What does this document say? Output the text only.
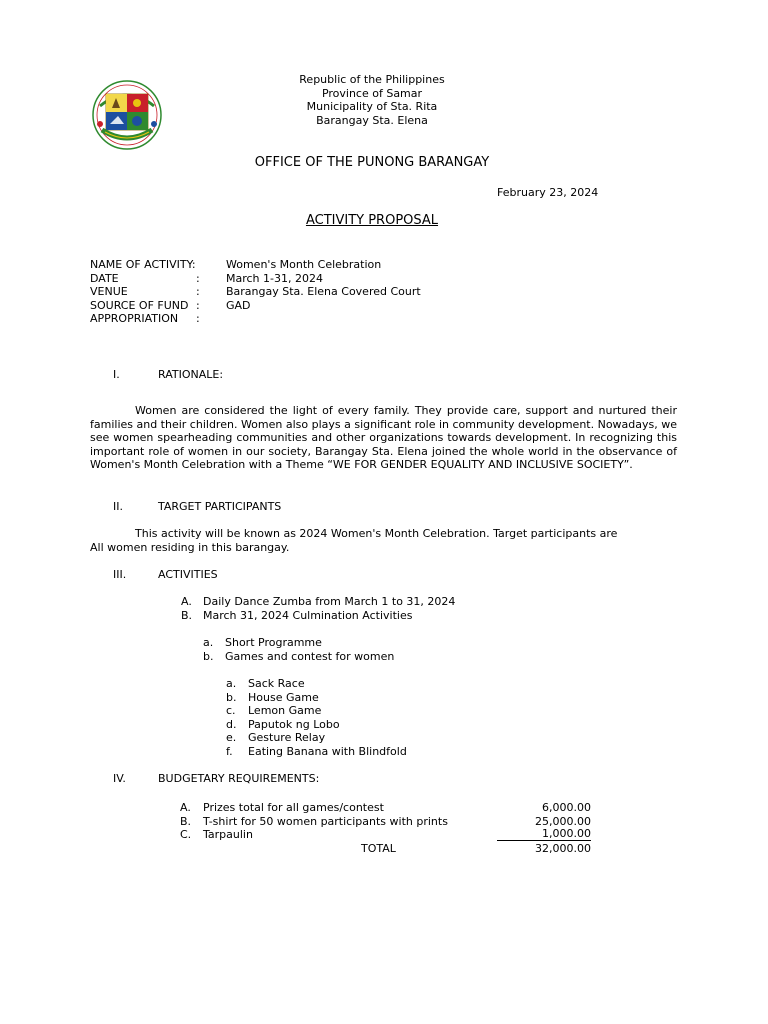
Republic of the Philippines
Province of Samar
Municipality of Sta. Rita
Barangay Sta. Elena
OFFICE OF THE PUNONG BARANGAY
February 23, 2024
ACTIVITY PROPOSAL
NAME OF ACTIVITY:	Women's Month Celebration
DATE	: March 1-31, 2024
VENUE	: Barangay Sta. Elena Covered Court
SOURCE OF FUND : GAD
APPROPRIATION :
I.	RATIONALE:

Women are considered the light of every family. They provide care, support and nurtured their families and their children. Women also plays a significant role in community development. Nowadays, we see women spearheading communities and other organizations towards development. In recognizing this important role of women in our society, Barangay Sta. Elena joined the whole world in the observance of Women's Month Celebration with a Theme “WE FOR GENDER EQUALITY AND INCLUSIVE SOCIETY”.

II.	TARGET PARTICIPANTS
This activity will be known as 2024 Women's Month Celebration. Target participants are
All women residing in this barangay.
III.	ACTIVITIES
A. Daily Dance Zumba from March 1 to 31, 2024
B. March 31, 2024 Culmination Activities
a. Short Programme
b. Games and contest for women
a. Sack Race
b. House Game
c. Lemon Game
d. Paputok ng Lobo
e. Gesture Relay
f. Eating Banana with Blindfold
IV.	BUDGETARY REQUIREMENTS:
A. Prizes total for all games/contest	6,000.00
B. T-shirt for 50 women participants with prints	25,000.00
C. Tarpaulin	1,000.00
TOTAL	32,000.00
